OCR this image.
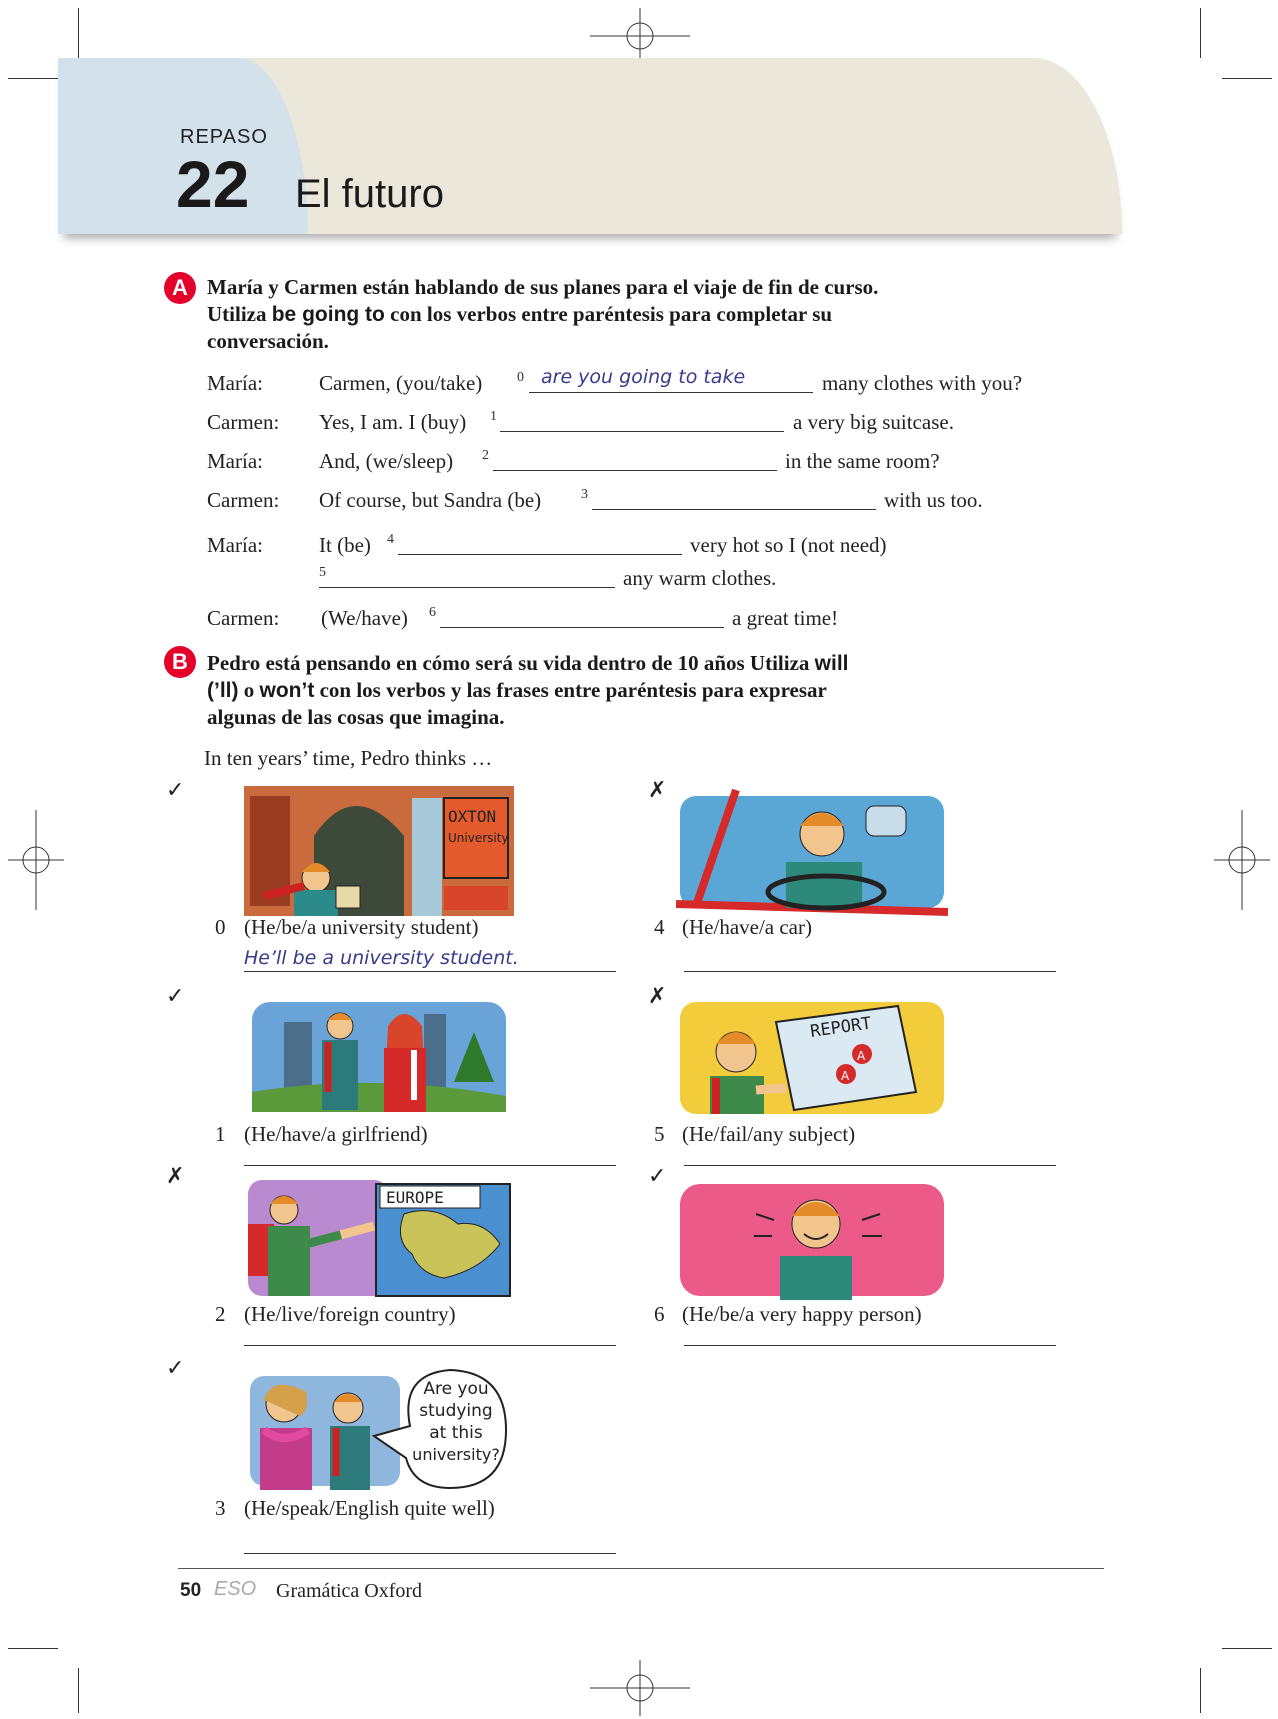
REPASO
22 El futuro
A María y Carmen están hablando de sus planes para el viaje de fin de curso.
Utiliza be going to con los verbos entre paréntesis para completar su
conversación.
María:	Carmen, (you/take) 0 are you going to take	many clothes with you?
Carmen: Yes, I am. I (buy) 1	a very big suitcase.
María:	And, (we/sleep) 2	in the same room?
Carmen: Of course, but Sandra (be)	3	with us too.
María:	It (be) 4	very hot so I (not need)
5	any warm clothes.
Carmen: (We/have) 6	a great time!
B Pedro está pensando en cómo será su vida dentro de 10 años Utiliza will
(’ll) o won’t con los verbos y las frases entre paréntesis para expresar
algunas de las cosas que imagina.
In ten years’ time, Pedro thinks …
✓
OXTON
University
0 (He/be/a university student)
He’ll be a university student.
✓
1 (He/have/a girlfriend)
✗
EUROPE
2 (He/live/foreign country)
✓
Are you
studying
at this
university?
3 (He/speak/English quite well)
✗
4 (He/have/a car)
✗
REPORT
A
A
5 (He/fail/any subject)
✓
6 (He/be/a very happy person)
50 ESO Gramática Oxford
